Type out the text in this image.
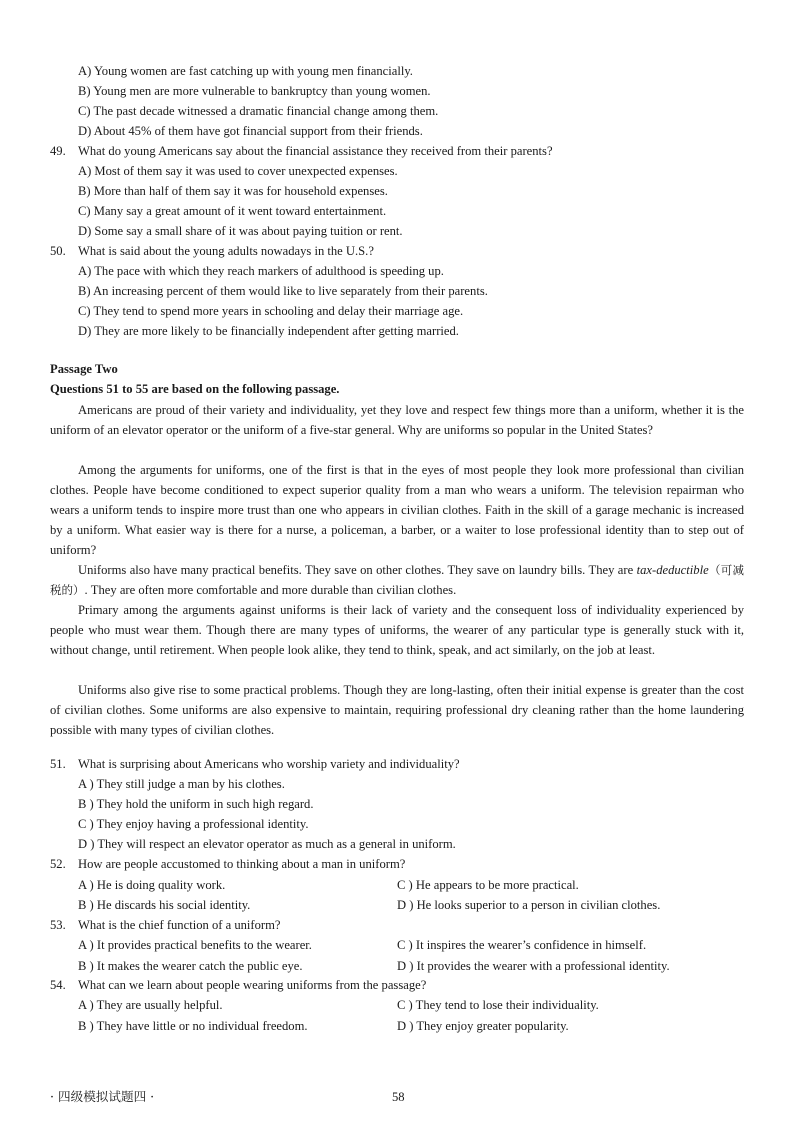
A) Young women are fast catching up with young men financially.
B) Young men are more vulnerable to bankruptcy than young women.
C) The past decade witnessed a dramatic financial change among them.
D) About 45% of them have got financial support from their friends.
49. What do young Americans say about the financial assistance they received from their parents?
A) Most of them say it was used to cover unexpected expenses.
B) More than half of them say it was for household expenses.
C) Many say a great amount of it went toward entertainment.
D) Some say a small share of it was about paying tuition or rent.
50. What is said about the young adults nowadays in the U.S.?
A) The pace with which they reach markers of adulthood is speeding up.
B) An increasing percent of them would like to live separately from their parents.
C) They tend to spend more years in schooling and delay their marriage age.
D) They are more likely to be financially independent after getting married.
Passage Two
Questions 51 to 55 are based on the following passage.
Americans are proud of their variety and individuality, yet they love and respect few things more than a uniform, whether it is the uniform of an elevator operator or the uniform of a five-star general. Why are uniforms so popular in the United States?
Among the arguments for uniforms, one of the first is that in the eyes of most people they look more professional than civilian clothes. People have become conditioned to expect superior quality from a man who wears a uniform. The television repairman who wears a uniform tends to inspire more trust than one who appears in civilian clothes. Faith in the skill of a garage mechanic is increased by a uniform. What easier way is there for a nurse, a policeman, a barber, or a waiter to lose professional identity than to step out of uniform?
Uniforms also have many practical benefits. They save on other clothes. They save on laundry bills. They are tax-deductible（可减税的）. They are often more comfortable and more durable than civilian clothes.
Primary among the arguments against uniforms is their lack of variety and the consequent loss of individuality experienced by people who must wear them. Though there are many types of uniforms, the wearer of any particular type is generally stuck with it, without change, until retirement. When people look alike, they tend to think, speak, and act similarly, on the job at least.
Uniforms also give rise to some practical problems. Though they are long-lasting, often their initial expense is greater than the cost of civilian clothes. Some uniforms are also expensive to maintain, requiring professional dry cleaning rather than the home laundering possible with many types of civilian clothes.
51. What is surprising about Americans who worship variety and individuality?
A ) They still judge a man by his clothes.
B ) They hold the uniform in such high regard.
C ) They enjoy having a professional identity.
D ) They will respect an elevator operator as much as a general in uniform.
52. How are people accustomed to thinking about a man in uniform?
A ) He is doing quality work.	C ) He appears to be more practical.
B ) He discards his social identity.	D ) He looks superior to a person in civilian clothes.
53. What is the chief function of a uniform?
A ) It provides practical benefits to the wearer.	C ) It inspires the wearer’s confidence in himself.
B ) It makes the wearer catch the public eye.	D ) It provides the wearer with a professional identity.
54. What can we learn about people wearing uniforms from the passage?
A ) They are usually helpful.	C ) They tend to lose their individuality.
B ) They have little or no individual freedom.	D ) They enjoy greater popularity.
· 四级模拟试题四 ·	58
